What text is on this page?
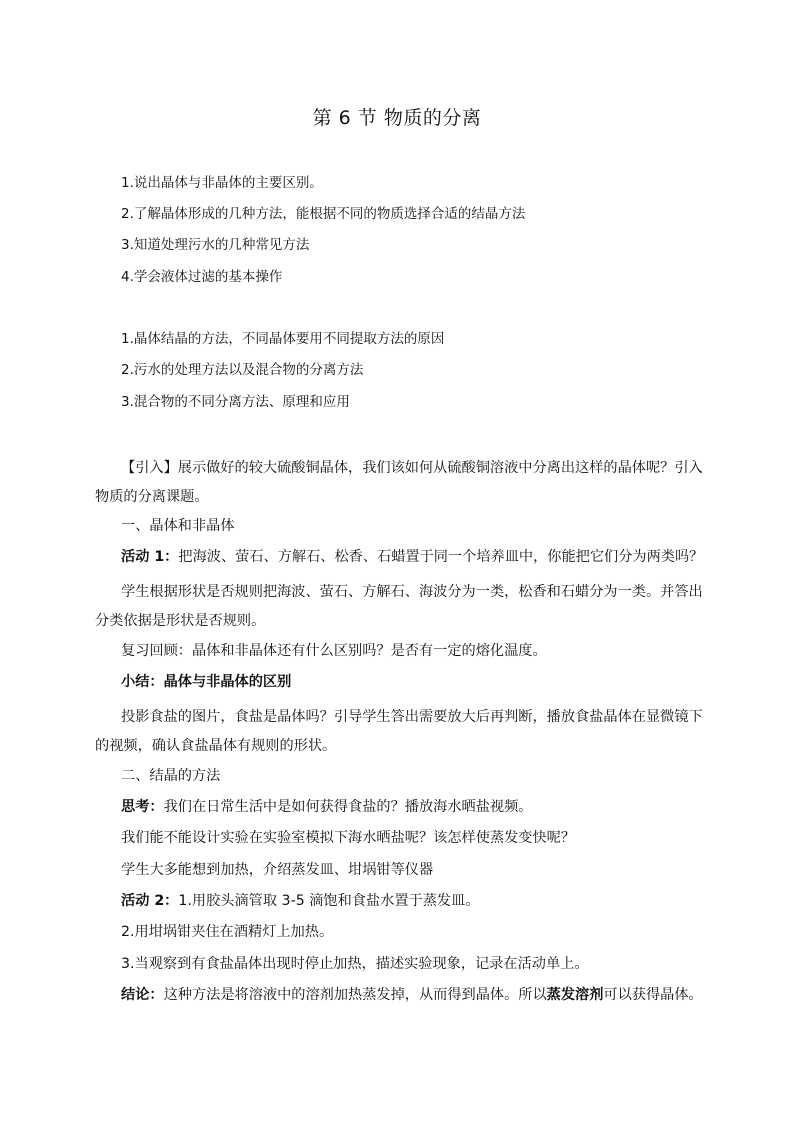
第 6 节 物质的分离
1.说出晶体与非晶体的主要区别。
2.了解晶体形成的几种方法，能根据不同的物质选择合适的结晶方法
3.知道处理污水的几种常见方法
4.学会液体过滤的基本操作
1.晶体结晶的方法，不同晶体要用不同提取方法的原因
2.污水的处理方法以及混合物的分离方法
3.混合物的不同分离方法、原理和应用
【引入】展示做好的较大硫酸铜晶体，我们该如何从硫酸铜溶液中分离出这样的晶体呢？引入物质的分离课题。
一、晶体和非晶体
活动 1：把海波、萤石、方解石、松香、石蜡置于同一个培养皿中，你能把它们分为两类吗？
学生根据形状是否规则把海波、萤石、方解石、海波分为一类，松香和石蜡分为一类。并答出分类依据是形状是否规则。
复习回顾：晶体和非晶体还有什么区别吗？是否有一定的熔化温度。
小结：晶体与非晶体的区别
投影食盐的图片，食盐是晶体吗？引导学生答出需要放大后再判断，播放食盐晶体在显微镜下的视频，确认食盐晶体有规则的形状。
二、结晶的方法
思考：我们在日常生活中是如何获得食盐的？播放海水晒盐视频。
我们能不能设计实验在实验室模拟下海水晒盐呢？该怎样使蒸发变快呢？
学生大多能想到加热，介绍蒸发皿、坩埚钳等仪器
活动 2：1.用胶头滴管取 3-5 滴饱和食盐水置于蒸发皿。
2.用坩埚钳夹住在酒精灯上加热。
3.当观察到有食盐晶体出现时停止加热，描述实验现象，记录在活动单上。
结论：这种方法是将溶液中的溶剂加热蒸发掉，从而得到晶体。所以蒸发溶剂可以获得晶体。
